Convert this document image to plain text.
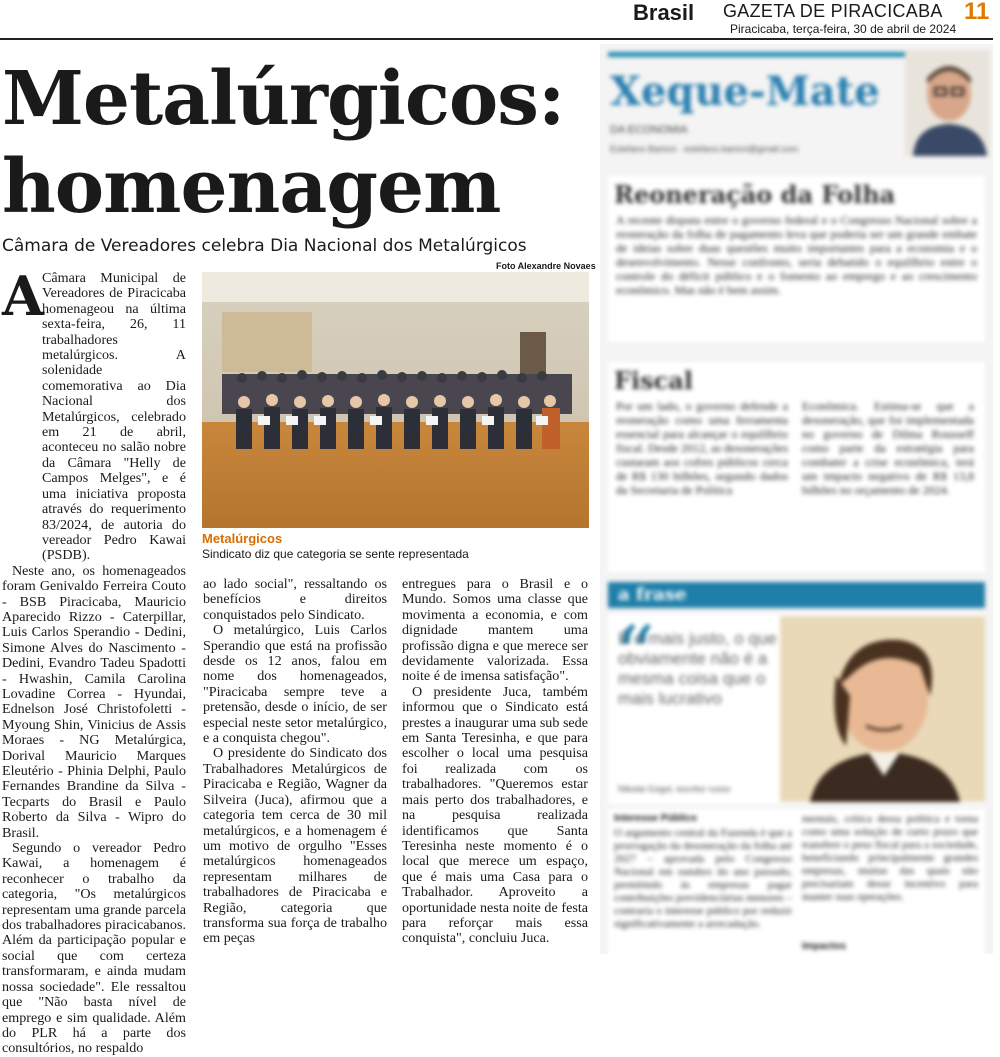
Brasil GAZETA DE PIRACICABA
Piracicaba, terça-feira, 30 de abril de 2024
11
Metalúrgicos:
homenagem
Câmara de Vereadores celebra Dia Nacional dos Metalúrgicos
Foto Alexandre Novaes
Metalúrgicos
Sindicato diz que categoria se sente representada
A

Câmara Municipal de Vereadores de Piracicaba homenageou na última sexta-feira, 26, 11 trabalhadores metalúrgicos. A solenidade comemorativa ao Dia Nacional dos Metalúrgicos, celebrado em 21 de abril, aconteceu no salão nobre da Câmara "Helly de Campos Melges", e é uma iniciativa proposta através do requerimento 83/2024, de autoria do vereador Pedro Kawai (PSDB).

Neste ano, os homenageados foram Genivaldo Ferreira Couto - BSB Piracicaba, Mauricio Aparecido Rizzo - Caterpillar, Luis Carlos Sperandio - Dedini, Simone Alves do Nascimento - Dedini, Evandro Tadeu Spadotti - Hwashin, Camila Carolina Lovadine Correa - Hyundai, Ednelson José Christofoletti - Myoung Shin, Vinicius de Assis Moraes - NG Metalúrgica, Dorival Mauricio Marques Eleutério - Phinia Delphi, Paulo Fernandes Brandine da Silva - Tecparts do Brasil e Paulo Roberto da Silva - Wipro do Brasil.

Segundo o vereador Pedro Kawai, a homenagem é reconhecer o trabalho da categoria, "Os metalúrgicos representam uma grande parcela dos trabalhadores piracicabanos. Além da participação popular e social que com certeza transformaram, e ainda mudam nossa sociedade". Ele ressaltou que "Não basta nível de emprego e sim qualidade. Além do PLR há a parte dos consultórios, no respaldo

ao lado social", ressaltando os benefícios e direitos conquistados pelo Sindicato.

O metalúrgico, Luis Carlos Sperandio que está na profissão desde os 12 anos, falou em nome dos homenageados, "Piracicaba sempre teve a pretensão, desde o início, de ser especial neste setor metalúrgico, e a conquista chegou".

O presidente do Sindicato dos Trabalhadores Metalúrgicos de Piracicaba e Região, Wagner da Silveira (Juca), afirmou que a categoria tem cerca de 30 mil metalúrgicos, e a homenagem é um motivo de orgulho "Esses metalúrgicos homenageados representam milhares de trabalhadores de Piracicaba e Região, categoria que transforma sua força de trabalho em peças

entregues para o Brasil e o Mundo. Somos uma classe que movimenta a economia, e com dignidade mantem uma profissão digna e que merece ser devidamente valorizada. Essa noite é de imensa satisfação".

O presidente Juca, também informou que o Sindicato está prestes a inaugurar uma sub sede em Santa Teresinha, e que para escolher o local uma pesquisa foi realizada com os trabalhadores. "Queremos estar mais perto dos trabalhadores, e na pesquisa realizada identificamos que Santa Teresinha neste momento é o local que merece um espaço, que é mais uma Casa para o Trabalhador. Aproveito a oportunidade nesta noite de festa para reforçar mais essa conquista", concluiu Juca.

Xeque-Mate
DA ECONOMIA
Estefano Barioni · estefano.barioni@gmail.com
Reoneração da Folha
A recente disputa entre o governo federal e o Congresso Nacional sobre a reoneração da folha de pagamento leva que poderia ser um grande embate de ideias sobre duas questões muito importantes para a economia e o desenvolvimento. Nesse confronto, seria debatido o equilíbrio entre o controle do déficit público e o fomento ao emprego e ao crescimento econômico. Mas não é bem assim.
Fiscal
Por um lado, o governo defende a reoneração como uma ferramenta essencial para alcançar o equilíbrio fiscal. Desde 2012, as desonerações custaram aos cofres públicos cerca de R$ 130 bilhões, segundo dados da Secretaria de Política
Econômica. Estima-se que a desoneração, que foi implementada no governo de Dilma Rousseff como parte da estratégia para combater a crise econômica, terá um impacto negativo de R$ 13,8 bilhões no orçamento de 2024.
a frase
“
É o mais justo, o que obviamente não é a mesma coisa que o mais lucrativo
Nikolai Gogol, escritor russo
Interesse Público
O argumento central da Fazenda é que a prorrogação da desoneração da folha até 2027 – aprovada pelo Congresso Nacional em outubro do ano passado, permitindo às empresas pagar contribuições previdenciárias menores – contraria o interesse público por reduzir significativamente a arrecadação.
mentais, critica dessa política e torna como uma solução de curto prazo que transfere o peso fiscal para a sociedade, beneficiando principalmente grandes empresas, muitas das quais não precisariam desse incentivo para manter suas operações.
Impactos
